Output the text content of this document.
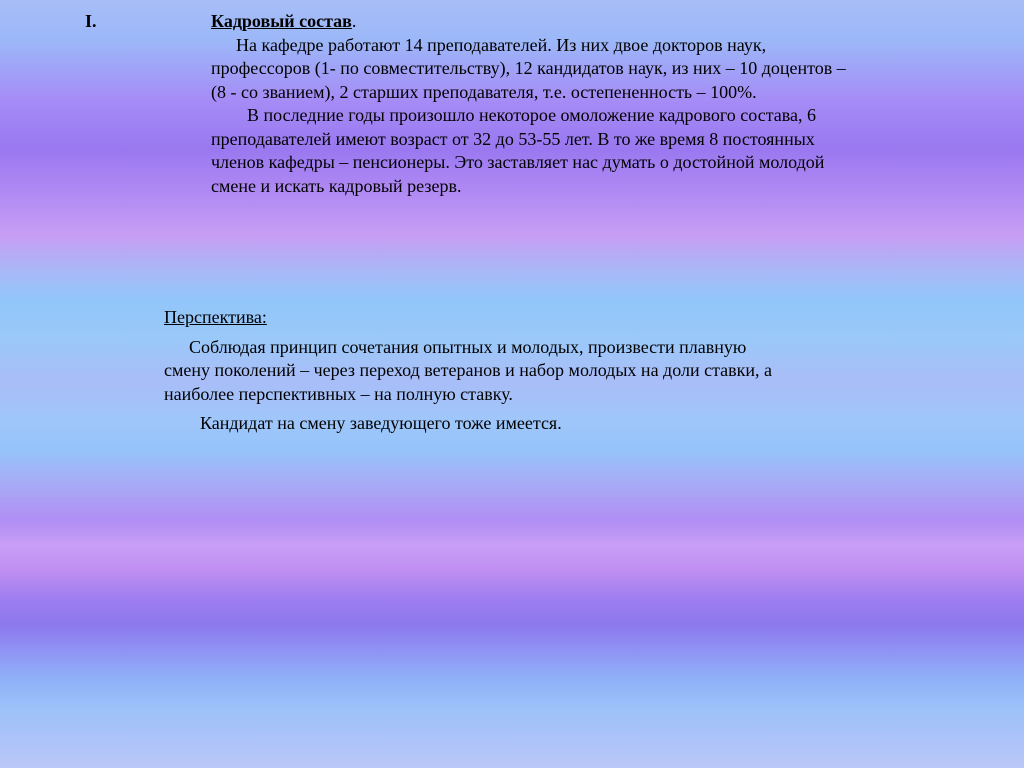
I.	Кадровый состав.

На кафедре работают 14 преподавателей. Из них двое докторов наук,

профессоров (1- по совместительству), 12 кандидатов наук, из них – 10 доцентов –

(8 - со званием), 2 старших преподавателя, т.е. остепененность – 100%.

В последние годы произошло некоторое омоложение кадрового состава, 6

преподавателей имеют возраст от 32 до 53-55 лет. В то же время 8 постоянных

членов кафедры – пенсионеры. Это заставляет нас думать о достойной молодой

смене и искать кадровый резерв.

Перспектива:

Соблюдая принцип сочетания опытных и молодых, произвести плавную

смену поколений – через переход ветеранов и набор молодых на доли ставки, а

наиболее перспективных – на полную ставку.

Кандидат на смену заведующего тоже имеется.
